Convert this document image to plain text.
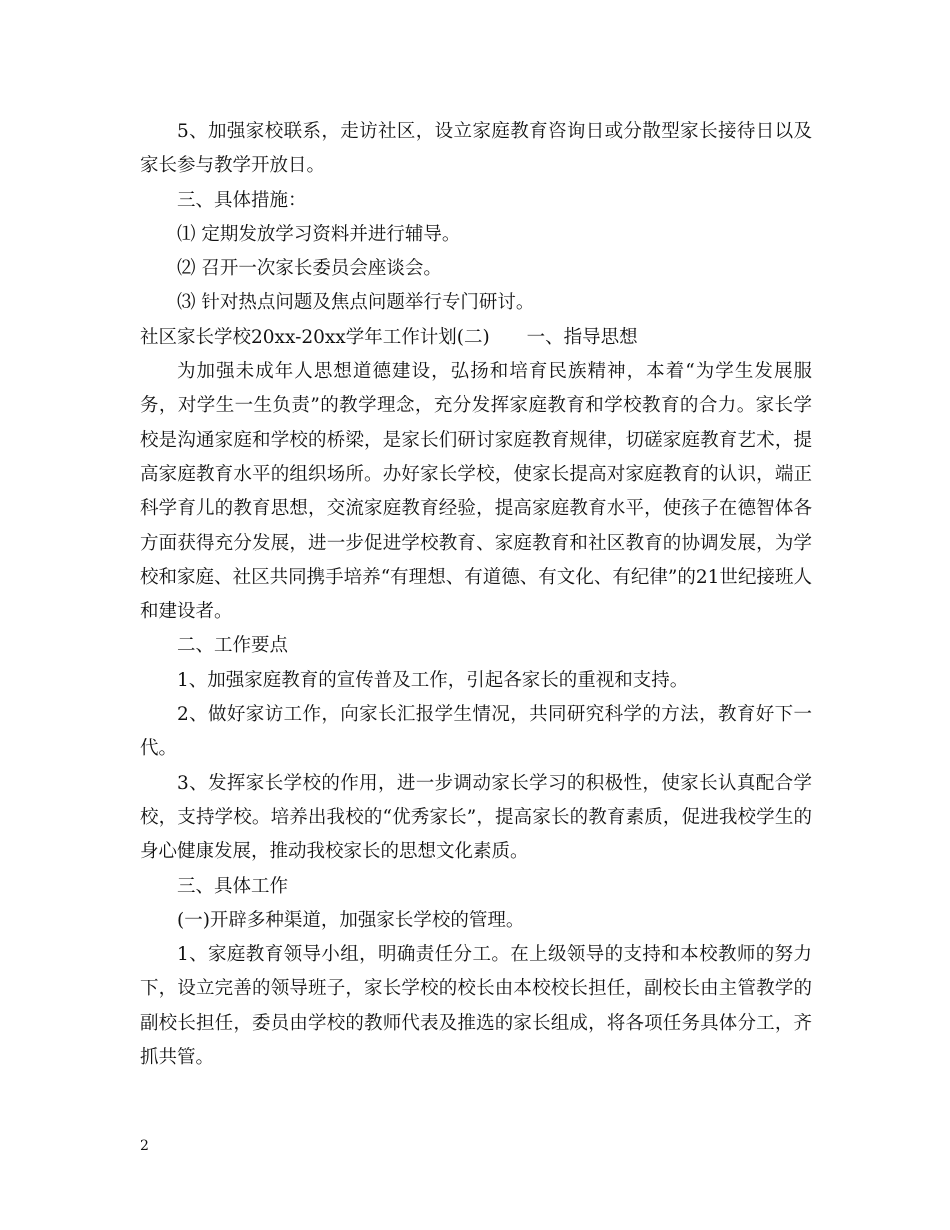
5、加强家校联系，走访社区，设立家庭教育咨询日或分散型家长接待日以及家长参与教学开放日。

三、具体措施：

⑴ 定期发放学习资料并进行辅导。

⑵ 召开一次家长委员会座谈会。

⑶ 针对热点问题及焦点问题举行专门研讨。

社区家长学校20xx-20xx学年工作计划(二)　　一、指导思想

为加强未成年人思想道德建设，弘扬和培育民族精神，本着“为学生发展服务，对学生一生负责”的教学理念，充分发挥家庭教育和学校教育的合力。家长学校是沟通家庭和学校的桥梁，是家长们研讨家庭教育规律，切磋家庭教育艺术，提高家庭教育水平的组织场所。办好家长学校，使家长提高对家庭教育的认识，端正科学育儿的教育思想，交流家庭教育经验，提高家庭教育水平，使孩子在德智体各方面获得充分发展，进一步促进学校教育、家庭教育和社区教育的协调发展，为学校和家庭、社区共同携手培养“有理想、有道德、有文化、有纪律”的21世纪接班人和建设者。

二、工作要点

1、加强家庭教育的宣传普及工作，引起各家长的重视和支持。

2、做好家访工作，向家长汇报学生情况，共同研究科学的方法，教育好下一代。

3、发挥家长学校的作用，进一步调动家长学习的积极性，使家长认真配合学校，支持学校。培养出我校的“优秀家长”，提高家长的教育素质，促进我校学生的身心健康发展，推动我校家长的思想文化素质。

三、具体工作

(一)开辟多种渠道，加强家长学校的管理。

1、家庭教育领导小组，明确责任分工。在上级领导的支持和本校教师的努力下，设立完善的领导班子，家长学校的校长由本校校长担任，副校长由主管教学的副校长担任，委员由学校的教师代表及推选的家长组成，将各项任务具体分工，齐抓共管。

2
